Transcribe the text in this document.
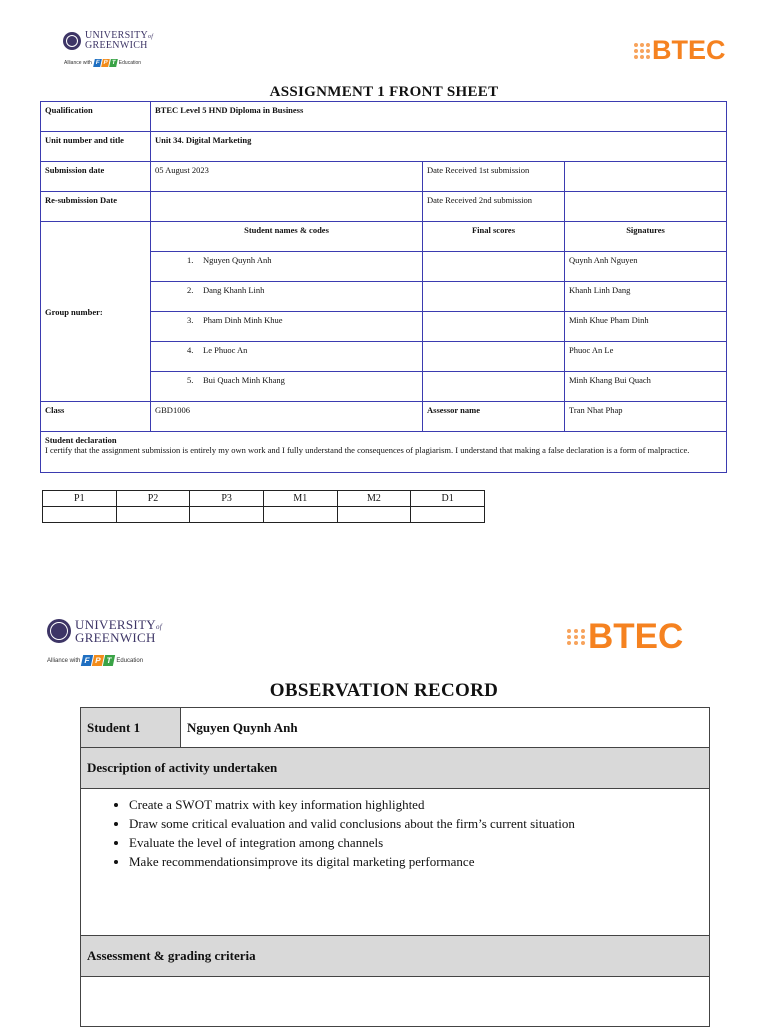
UNIVERSITYof
GREENWICH
Alliance with F P T Education	BTEC
ASSIGNMENT 1 FRONT SHEET
Qualification	BTEC Level 5 HND Diploma in Business		
Unit number and title	Unit 34. Digital Marketing		
Submission date	05 August 2023	Date Received 1st submission	
Re-submission Date		Date Received 2nd submission	
Group number:	Student names & codes	Final scores	Signatures
	1. Nguyen Quynh Anh		Quynh Anh Nguyen
	2. Dang Khanh Linh		Khanh Linh Dang
	3. Pham Dinh Minh Khue		Minh Khue Pham Dinh
	4. Le Phuoc An		Phuoc An Le
	5. Bui Quach Minh Khang		Minh Khang Bui Quach
Class	GBD1006	Assessor name	Tran Nhat Phap

Student declaration
I certify that the assignment submission is entirely my own work and I fully understand the consequences of plagiarism. I understand that making a false declaration is a form of malpractice.			
P1	P2	P3	M1	M2	D1

UNIVERSITYof
GREENWICH
Alliance with F P T Education
BTEC
OBSERVATION RECORD
Student 1	Nguyen Quynh Anh
Description of activity undertaken

• Create a SWOT matrix with key information highlighted
• Draw some critical evaluation and valid conclusions about the firm’s current situation
• Evaluate the level of integration among channels
• Make recommendationsimprove its digital marketing performance

Assessment & grading criteria
